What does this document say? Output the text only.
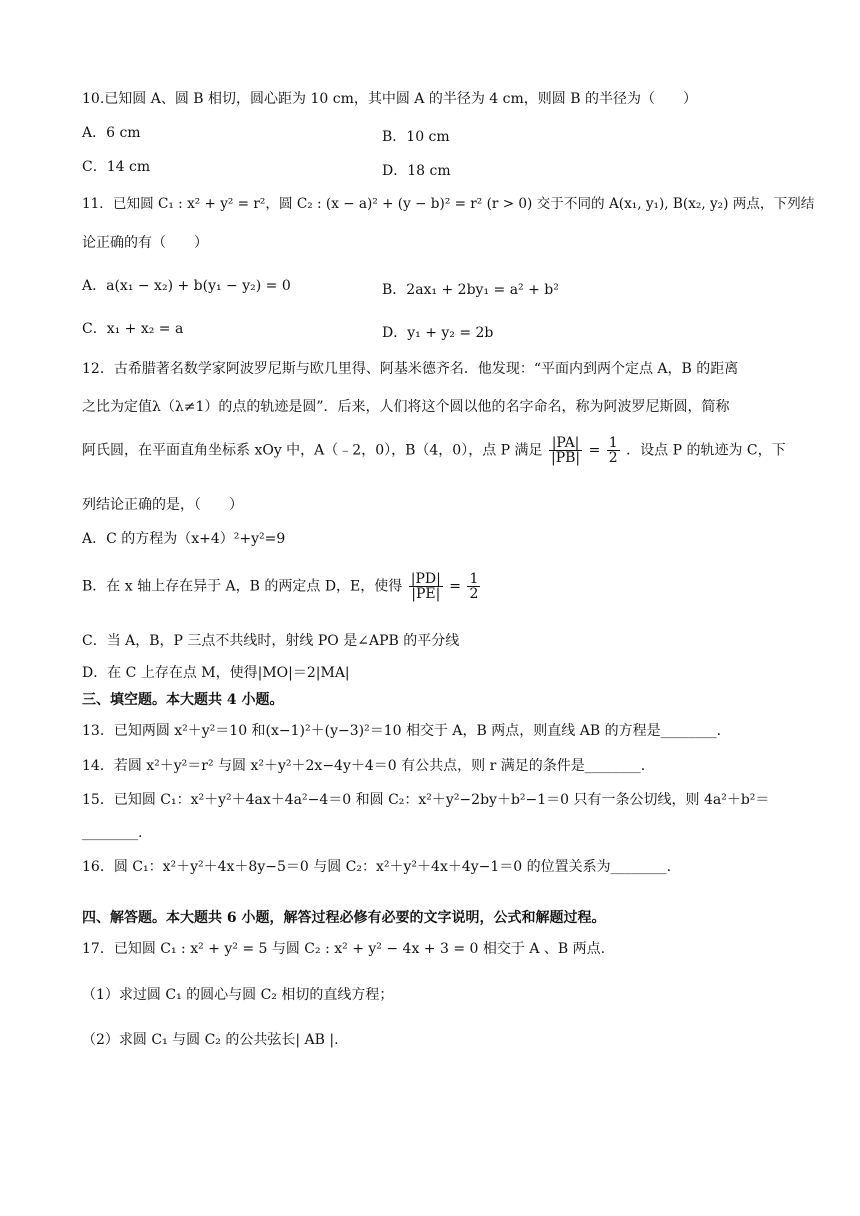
10.已知圆 A、圆 B 相切，圆心距为 10 cm，其中圆 A 的半径为 4 cm，则圆 B 的半径为（　　）
A．6 cm	B．10 cm
C．14 cm	D．18 cm
11．已知圆 C₁ : x² + y² = r²，圆 C₂ : (x − a)² + (y − b)² = r² (r > 0) 交于不同的 A(x₁, y₁), B(x₂, y₂) 两点，下列结
论正确的有（　　）
A．a(x₁ − x₂) + b(y₁ − y₂) = 0	B．2ax₁ + 2by₁ = a² + b²
C．x₁ + x₂ = a	D．y₁ + y₂ = 2b
12．古希腊著名数学家阿波罗尼斯与欧几里得、阿基米德齐名．他发现：“平面内到两个定点 A，B 的距离
之比为定值λ（λ≠1）的点的轨迹是圆”．后来，人们将这个圆以他的名字命名，称为阿波罗尼斯圆，简称
阿氏圆，在平面直角坐标系 xOy 中，A（﹣2，0），B（4，0），点 P 满足 $\frac{|PA|}{|PB|} = \frac{1}{2}$ ．设点 P 的轨迹为 C，下
列结论正确的是，（　　）
A．C 的方程为（x+4）²+y²=9
B．在 x 轴上存在异于 A，B 的两定点 D，E，使得 $\frac{|PD|}{|PE|} = \frac{1}{2}$
C．当 A，B，P 三点不共线时，射线 PO 是∠APB 的平分线
D．在 C 上存在点 M，使得|MO|＝2|MA|
三、填空题。本大题共 4 小题。
13．已知两圆 x²＋y²＝10 和(x−1)²＋(y−3)²＝10 相交于 A，B 两点，则直线 AB 的方程是________.
14．若圆 x²＋y²＝r² 与圆 x²＋y²＋2x−4y＋4＝0 有公共点，则 r 满足的条件是________.
15．已知圆 C₁：x²＋y²＋4ax＋4a²−4＝0 和圆 C₂：x²＋y²−2by＋b²−1＝0 只有一条公切线，则 4a²＋b²＝
________.
16．圆 C₁：x²＋y²＋4x＋8y−5＝0 与圆 C₂：x²＋y²＋4x＋4y−1＝0 的位置关系为________.
四、解答题。本大题共 6 小题，解答过程必修有必要的文字说明，公式和解题过程。
17．已知圆 C₁ : x² + y² = 5 与圆 C₂ : x² + y² − 4x + 3 = 0 相交于 A 、B 两点.
（1）求过圆 C₁ 的圆心与圆 C₂ 相切的直线方程；
（2）求圆 C₁ 与圆 C₂ 的公共弦长| AB |.
